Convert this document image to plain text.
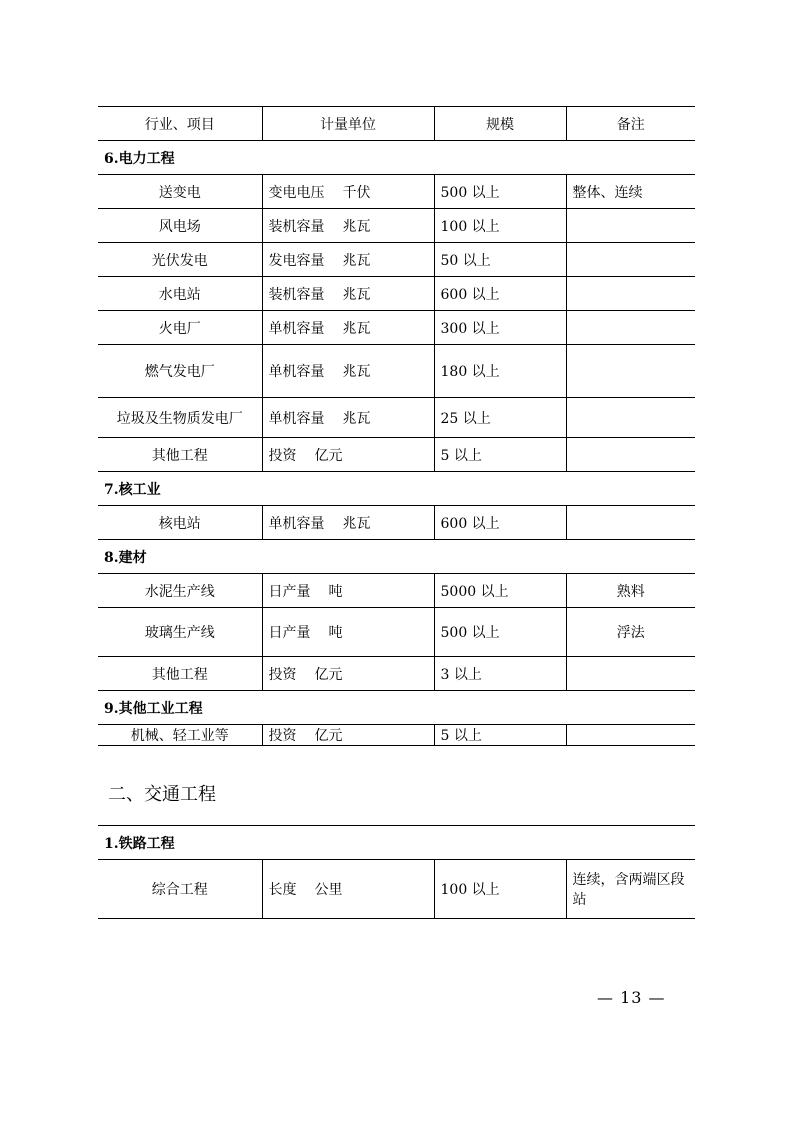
行业、项目	计量单位	规模	备注
6.电力工程			
送变电	变电电压 千伏	500 以上	整体、连续
风电场	装机容量 兆瓦	100 以上	
光伏发电	发电容量 兆瓦	50 以上	
水电站	装机容量 兆瓦	600 以上	
火电厂	单机容量 兆瓦	300 以上	
燃气发电厂	单机容量 兆瓦	180 以上	
垃圾及生物质发电厂	单机容量 兆瓦	25 以上	
其他工程	投资 亿元	5 以上	
7.核工业			
核电站	单机容量 兆瓦	600 以上	
8.建材			
水泥生产线	日产量 吨	5000 以上	熟料
玻璃生产线	日产量 吨	500 以上	浮法
其他工程	投资 亿元	3 以上	
9.其他工业工程			
机械、轻工业等	投资 亿元	5 以上	
二、交通工程
1.铁路工程
综合工程	长度 公里	100 以上	连续，含两端区段站
— 13 —
